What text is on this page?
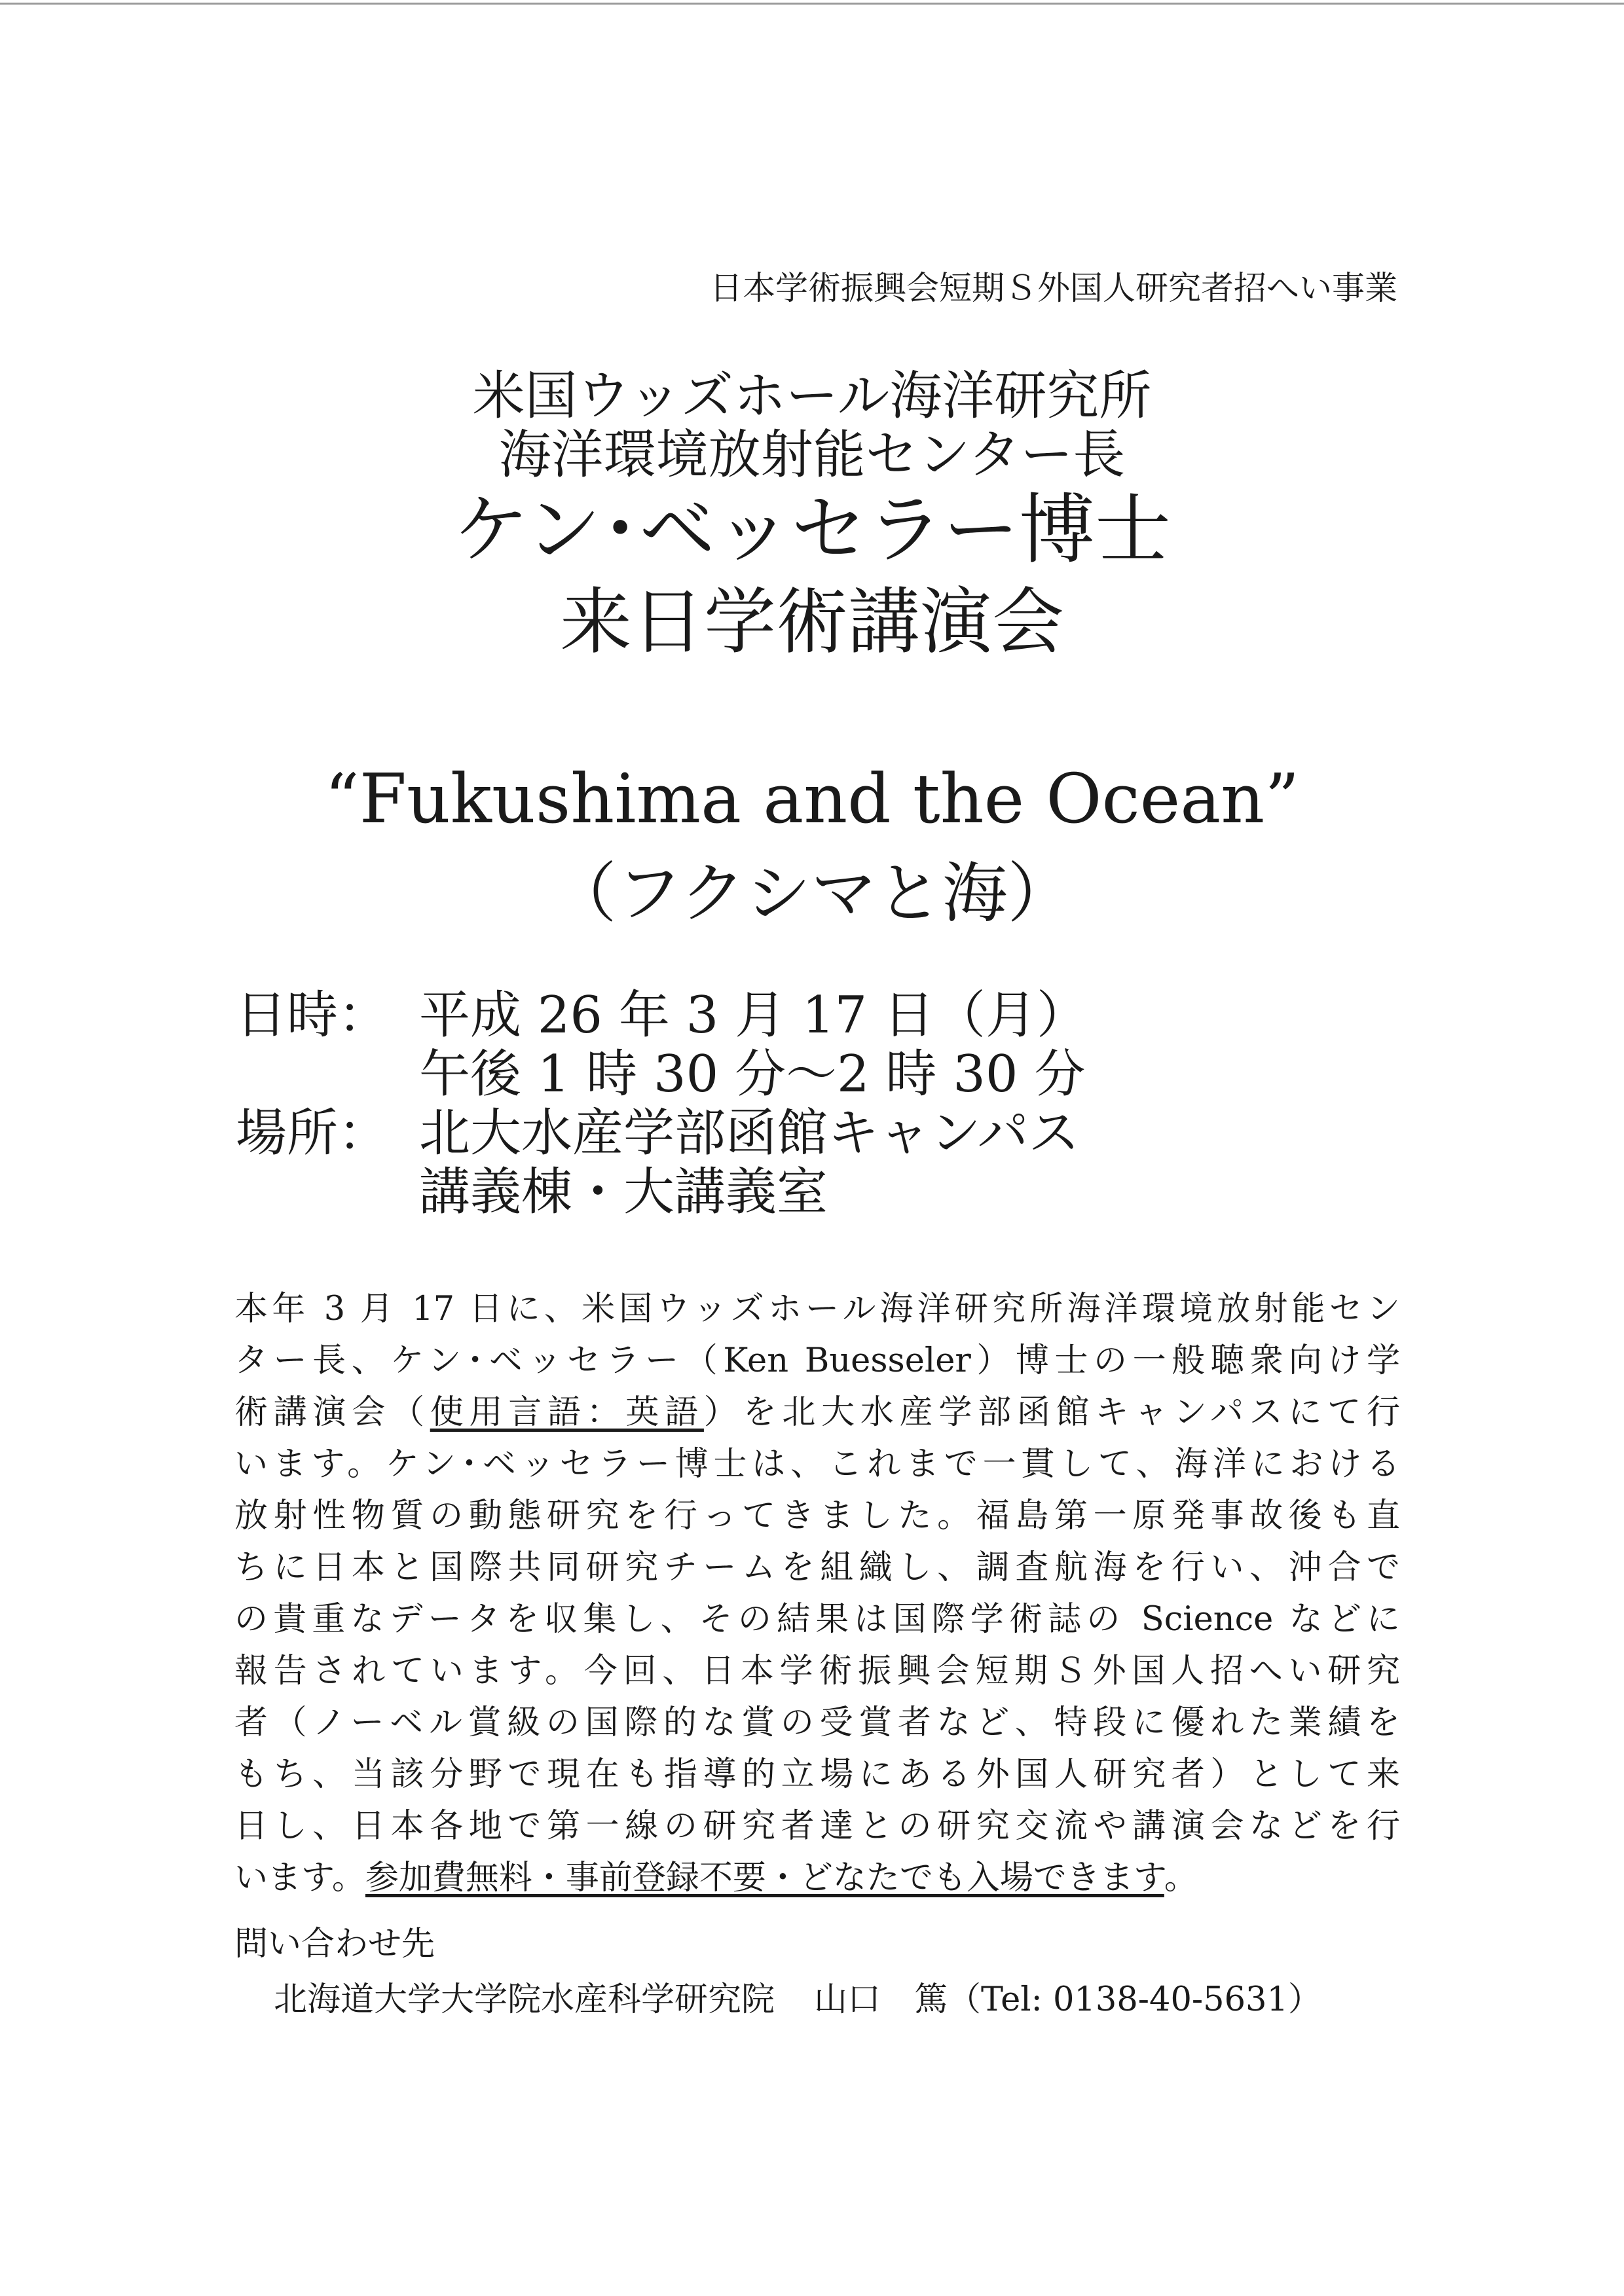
日本学術振興会短期Ｓ外国人研究者招へい事業
米国ウッズホール海洋研究所
海洋環境放射能センター長
ケン･ベッセラー博士
来日学術講演会
“Fukushima and the Ocean”
（フクシマと海）
日時： 平成 26 年 3 月 17 日（月）
午後 1 時 30 分～2 時 30 分
場所： 北大水産学部函館キャンパス
講義棟・大講義室
本年 3 月 17 日に、米国ウッズホール海洋研究所海洋環境放射能セン
ター長、ケン･ベッセラー（Ken Buesseler）博士の一般聴衆向け学
術講演会（使用言語：英語）を北大水産学部函館キャンパスにて行
います。ケン･ベッセラー博士は、これまで一貫して、海洋における
放射性物質の動態研究を行ってきました。福島第一原発事故後も直
ちに日本と国際共同研究チームを組織し、調査航海を行い、沖合で
の貴重なデータを収集し、その結果は国際学術誌の Science などに
報告されています。今回、日本学術振興会短期Ｓ外国人招へい研究
者（ノーベル賞級の国際的な賞の受賞者など、特段に優れた業績を
もち、当該分野で現在も指導的立場にある外国人研究者）として来
日し、日本各地で第一線の研究者達との研究交流や講演会などを行
います。参加費無料・事前登録不要・どなたでも入場できます。
問い合わせ先
北海道大学大学院水産科学研究院 山口　篤（Tel: 0138-40-5631）
